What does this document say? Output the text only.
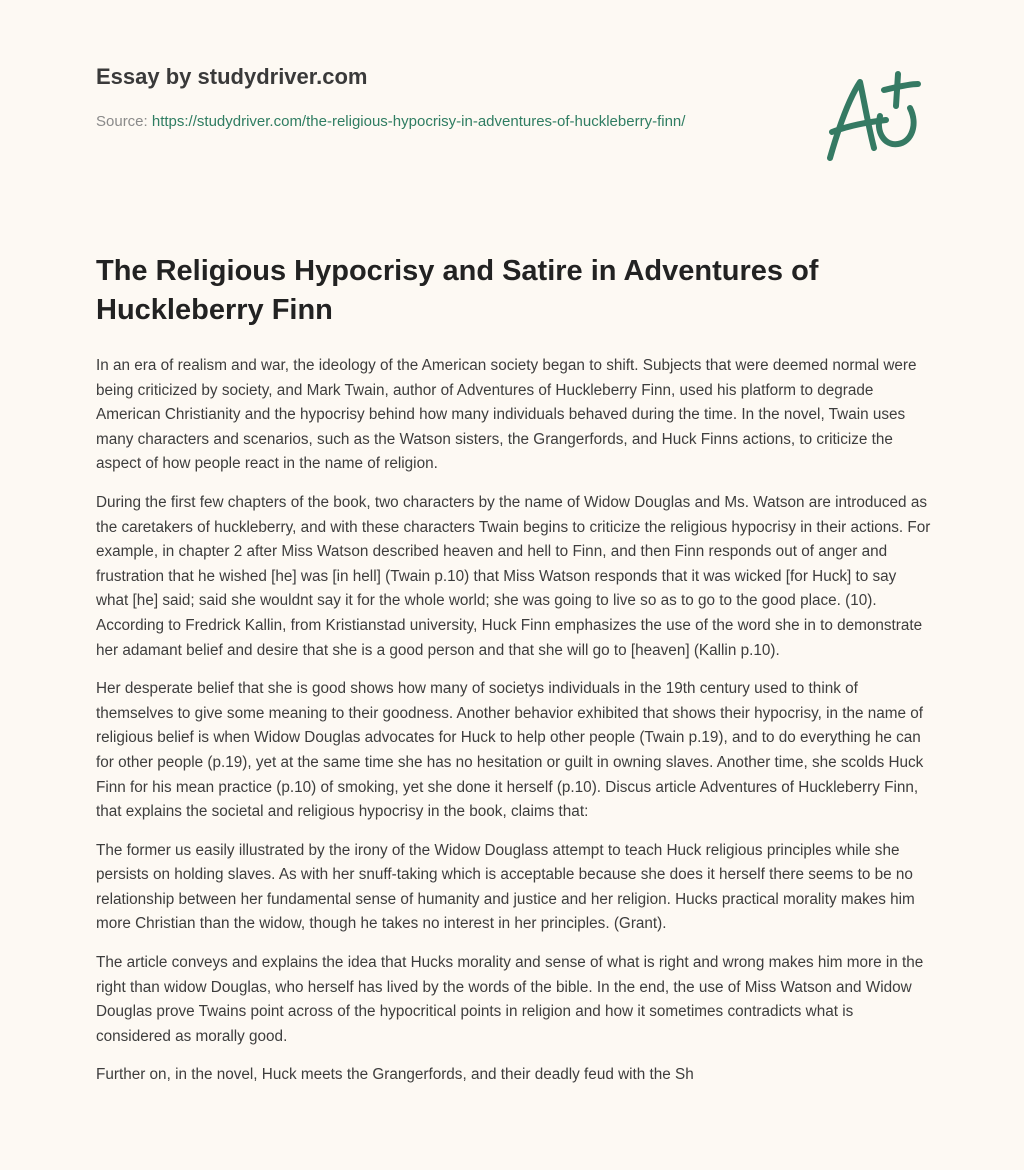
Essay by studydriver.com
Source: https://studydriver.com/the-religious-hypocrisy-in-adventures-of-huckleberry-finn/
The Religious Hypocrisy and Satire in Adventures of Huckleberry Finn

In an era of realism and war, the ideology of the American society began to shift. Subjects that were deemed normal were being criticized by society, and Mark Twain, author of Adventures of Huckleberry Finn, used his platform to degrade American Christianity and the hypocrisy behind how many individuals behaved during the time. In the novel, Twain uses many characters and scenarios, such as the Watson sisters, the Grangerfords, and Huck Finns actions, to criticize the aspect of how people react in the name of religion.

During the first few chapters of the book, two characters by the name of Widow Douglas and Ms. Watson are introduced as the caretakers of huckleberry, and with these characters Twain begins to criticize the religious hypocrisy in their actions. For example, in chapter 2 after Miss Watson described heaven and hell to Finn, and then Finn responds out of anger and frustration that he wished [he] was [in hell] (Twain p.10) that Miss Watson responds that it was wicked [for Huck] to say what [he] said; said she wouldnt say it for the whole world; she was going to live so as to go to the good place. (10). According to Fredrick Kallin, from Kristianstad university, Huck Finn emphasizes the use of the word she in to demonstrate her adamant belief and desire that she is a good person and that she will go to [heaven] (Kallin p.10).

Her desperate belief that she is good shows how many of societys individuals in the 19th century used to think of themselves to give some meaning to their goodness. Another behavior exhibited that shows their hypocrisy, in the name of religious belief is when Widow Douglas advocates for Huck to help other people (Twain p.19), and to do everything he can for other people (p.19), yet at the same time she has no hesitation or guilt in owning slaves. Another time, she scolds Huck Finn for his mean practice (p.10) of smoking, yet she done it herself (p.10). Discus article Adventures of Huckleberry Finn, that explains the societal and religious hypocrisy in the book, claims that:

The former us easily illustrated by the irony of the Widow Douglass attempt to teach Huck religious principles while she persists on holding slaves. As with her snuff-taking which is acceptable because she does it herself there seems to be no relationship between her fundamental sense of humanity and justice and her religion. Hucks practical morality makes him more Christian than the widow, though he takes no interest in her principles. (Grant).

The article conveys and explains the idea that Hucks morality and sense of what is right and wrong makes him more in the right than widow Douglas, who herself has lived by the words of the bible. In the end, the use of Miss Watson and Widow Douglas prove Twains point across of the hypocritical points in religion and how it sometimes contradicts what is considered as morally good.

Further on, in the novel, Huck meets the Grangerfords, and their deadly feud with the Sh
